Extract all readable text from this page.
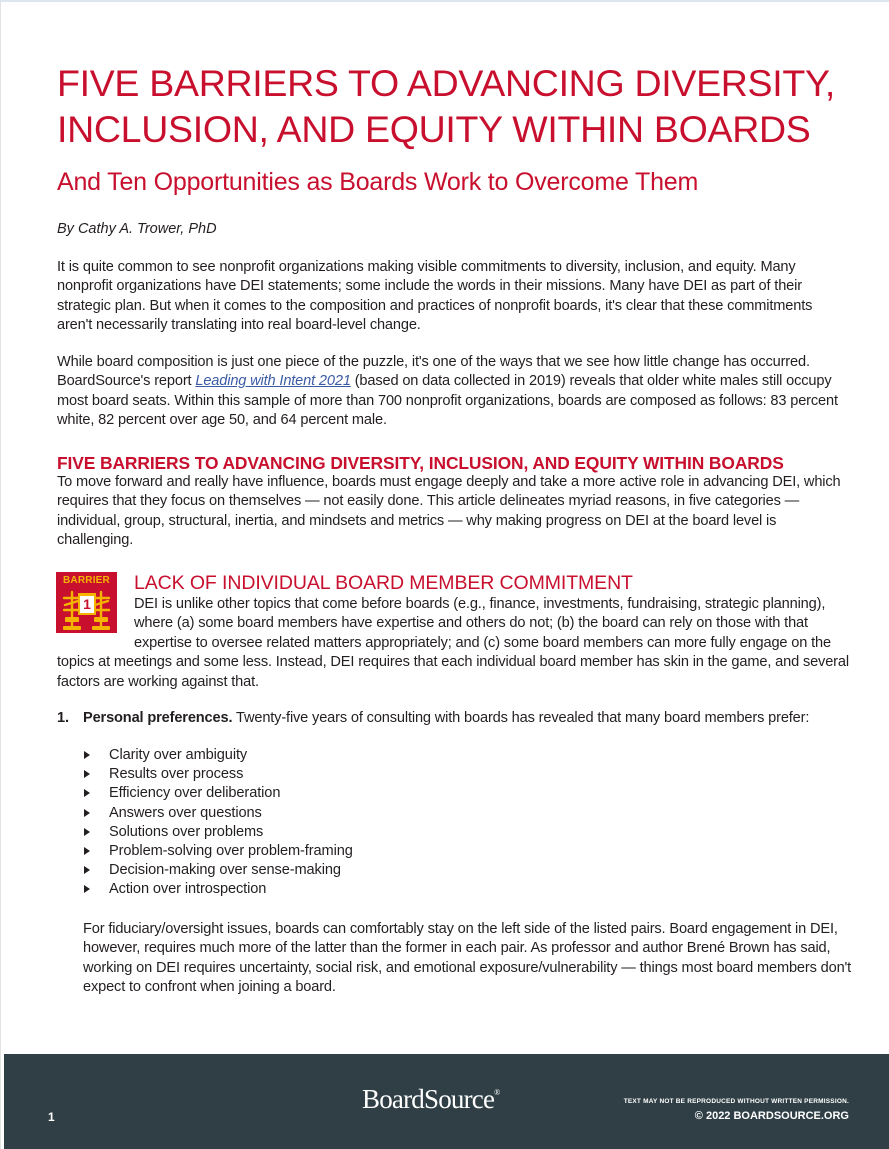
FIVE BARRIERS TO ADVANCING DIVERSITY, INCLUSION, AND EQUITY WITHIN BOARDS
And Ten Opportunities as Boards Work to Overcome Them

By Cathy A. Trower, PhD

It is quite common to see nonprofit organizations making visible commitments to diversity, inclusion, and equity. Many nonprofit organizations have DEI statements; some include the words in their missions. Many have DEI as part of their strategic plan. But when it comes to the composition and practices of nonprofit boards, it's clear that these commitments aren't necessarily translating into real board-level change.

While board composition is just one piece of the puzzle, it's one of the ways that we see how little change has occurred. BoardSource's report Leading with Intent 2021 (based on data collected in 2019) reveals that older white males still occupy most board seats. Within this sample of more than 700 nonprofit organizations, boards are composed as follows: 83 percent white, 82 percent over age 50, and 64 percent male.

FIVE BARRIERS TO ADVANCING DIVERSITY, INCLUSION, AND EQUITY WITHIN BOARDS

To move forward and really have influence, boards must engage deeply and take a more active role in advancing DEI, which requires that they focus on themselves — not easily done. This article delineates myriad reasons, in five categories — individual, group, structural, inertia, and mindsets and metrics — why making progress on DEI at the board level is challenging.

BARRIER
1
LACK OF INDIVIDUAL BOARD MEMBER COMMITMENT

DEI is unlike other topics that come before boards (e.g., finance, investments, fundraising, strategic planning), where (a) some board members have expertise and others do not; (b) the board can rely on those with that expertise to oversee related matters appropriately; and (c) some board members can more fully engage on the topics at meetings and some less. Instead, DEI requires that each individual board member has skin in the game, and several factors are working against that.

1. Personal preferences. Twenty-five years of consulting with boards has revealed that many board members prefer:
Clarity over ambiguity
Results over process
Efficiency over deliberation
Answers over questions
Solutions over problems
Problem-solving over problem-framing
Decision-making over sense-making
Action over introspection

For fiduciary/oversight issues, boards can comfortably stay on the left side of the listed pairs. Board engagement in DEI, however, requires much more of the latter than the former in each pair. As professor and author Brené Brown has said, working on DEI requires uncertainty, social risk, and emotional exposure/vulnerability — things most board members don't expect to confront when joining a board.

1
BoardSource®
TEXT MAY NOT BE REPRODUCED WITHOUT WRITTEN PERMISSION.
© 2022 BOARDSOURCE.ORG
